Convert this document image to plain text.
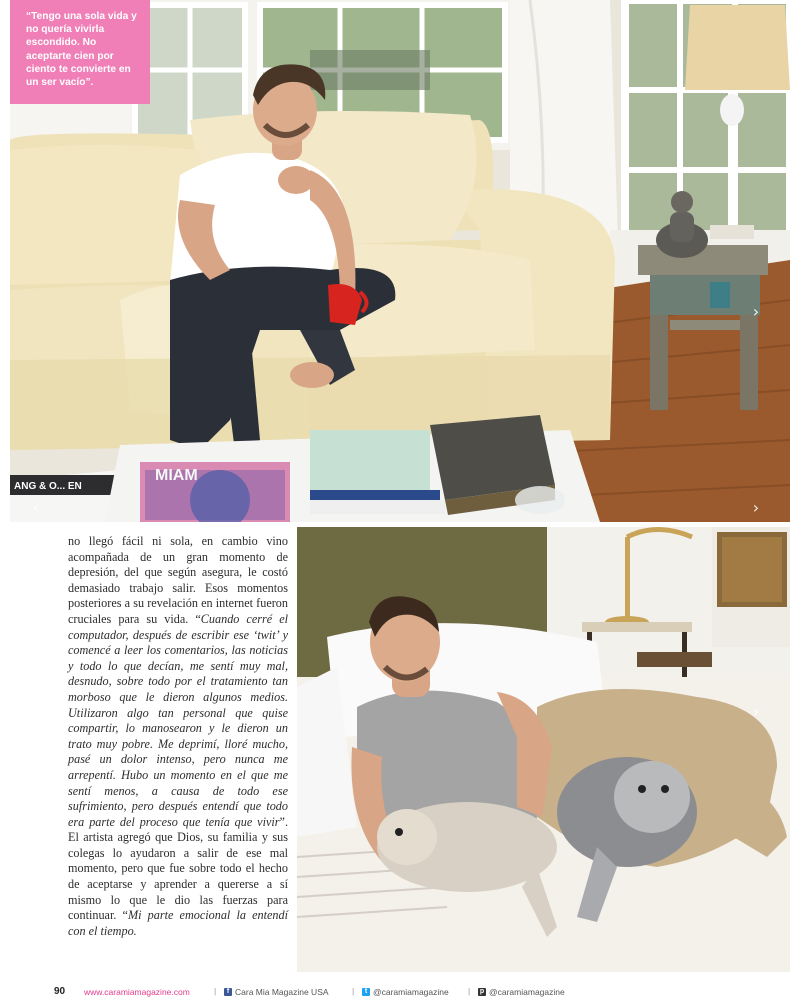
ANG & O... EN
MIAM
“Tengo una sola vida y no quería vivirla escondido. No aceptarte cien por ciento te convierte en un ser vacío”.
›
›
‹

no llegó fácil ni sola, en cambio vino acompañada de un gran momento de depresión, del que según asegura, le costó demasiado trabajo salir. Esos momentos posteriores a su revelación en internet fueron cruciales para su vida. “Cuando cerré el computador, después de escribir ese ‘twit’ y comencé a leer los comentarios, las noticias y todo lo que decían, me sentí muy mal, desnudo, sobre todo por el tratamiento tan morboso que le dieron algunos medios. Utilizaron algo tan personal que quise compartir, lo manosearon y le dieron un trato muy pobre. Me deprimí, lloré mucho, pasé un dolor intenso, pero nunca me arrepentí. Hubo un momento en el que me sentí menos, a causa de todo ese sufrimiento, pero después entendí que todo era parte del proceso que tenía que vivir”. El artista agregó que Dios, su familia y sus colegas lo ayudaron a salir de ese mal momento, pero que fue sobre todo el hecho de aceptarse y aprender a quererse a sí mismo lo que le dio las fuerzas para continuar. “Mi parte emocional la entendí con el tiempo.

›
90 www.caramiamagazine.com	|	f Cara Mia Magazine USA	|	t @caramiamagazine | p @caramiamagazine
